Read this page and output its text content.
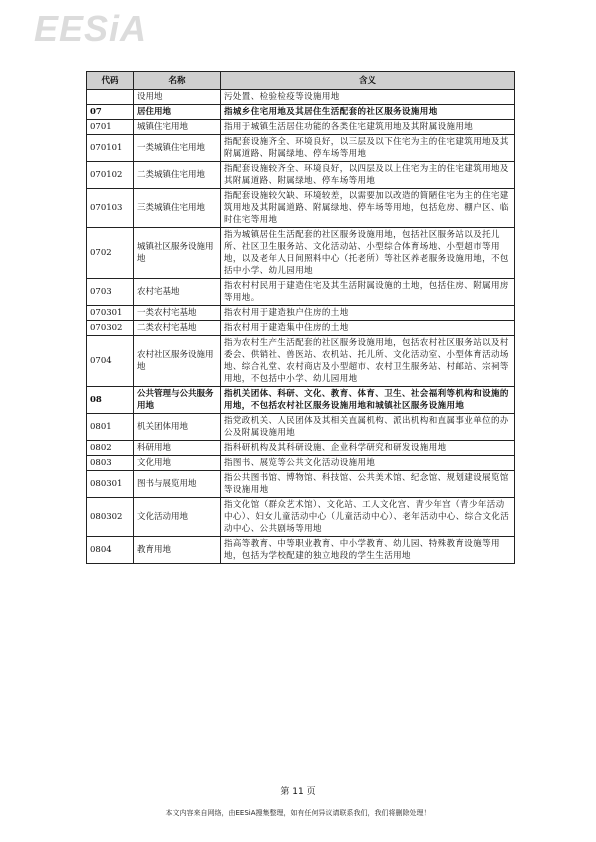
EESiA
代码	名称	含义
	设用地	污处置、检验检疫等设施用地
07	居住用地	指城乡住宅用地及其居住生活配套的社区服务设施用地
0701	城镇住宅用地	指用于城镇生活居住功能的各类住宅建筑用地及其附属设施用地
070101	一类城镇住宅用地	指配套设施齐全、环境良好，以三层及以下住宅为主的住宅建筑用地及其附属道路、附属绿地、停车场等用地
070102	二类城镇住宅用地	指配套设施较齐全、环境良好，以四层及以上住宅为主的住宅建筑用地及其附属道路、附属绿地、停车场等用地
070103	三类城镇住宅用地	指配套设施较欠缺、环境较差，以需要加以改造的简陋住宅为主的住宅建筑用地及其附属道路、附属绿地、停车场等用地，包括危房、棚户区、临时住宅等用地
0702	城镇社区服务设施用地	指为城镇居住生活配套的社区服务设施用地，包括社区服务站以及托儿所、社区卫生服务站、文化活动站、小型综合体育场地、小型超市等用地，以及老年人日间照料中心（托老所）等社区养老服务设施用地，不包括中小学、幼儿园用地
0703	农村宅基地	指农村村民用于建造住宅及其生活附属设施的土地，包括住房、附属用房等用地。
070301	一类农村宅基地	指农村用于建造独户住房的土地
070302	二类农村宅基地	指农村用于建造集中住房的土地
0704	农村社区服务设施用地	指为农村生产生活配套的社区服务设施用地，包括农村社区服务站以及村委会、供销社、兽医站、农机站、托儿所、文化活动室、小型体育活动场地、综合礼堂、农村商店及小型超市、农村卫生服务站、村邮站、宗祠等用地，不包括中小学、幼儿园用地
08	公共管理与公共服务用地	指机关团体、科研、文化、教育、体育、卫生、社会福利等机构和设施的用地，不包括农村社区服务设施用地和城镇社区服务设施用地
0801	机关团体用地	指党政机关、人民团体及其相关直属机构、派出机构和直属事业单位的办公及附属设施用地
0802	科研用地	指科研机构及其科研设施、企业科学研究和研发设施用地
0803	文化用地	指图书、展览等公共文化活动设施用地
080301	图书与展览用地	指公共图书馆、博物馆、科技馆、公共美术馆、纪念馆、规划建设展览馆等设施用地
080302	文化活动用地	指文化馆（群众艺术馆）、文化站、工人文化宫、青少年宫（青少年活动中心）、妇女儿童活动中心（儿童活动中心）、老年活动中心、综合文化活动中心、公共剧场等用地
0804	教育用地	指高等教育、中等职业教育、中小学教育、幼儿园、特殊教育设施等用地，包括为学校配建的独立地段的学生生活用地
第 11 页
本文内容来自网络，由EESiA搜集整理，如有任何异议请联系我们，我们将删除处理！
